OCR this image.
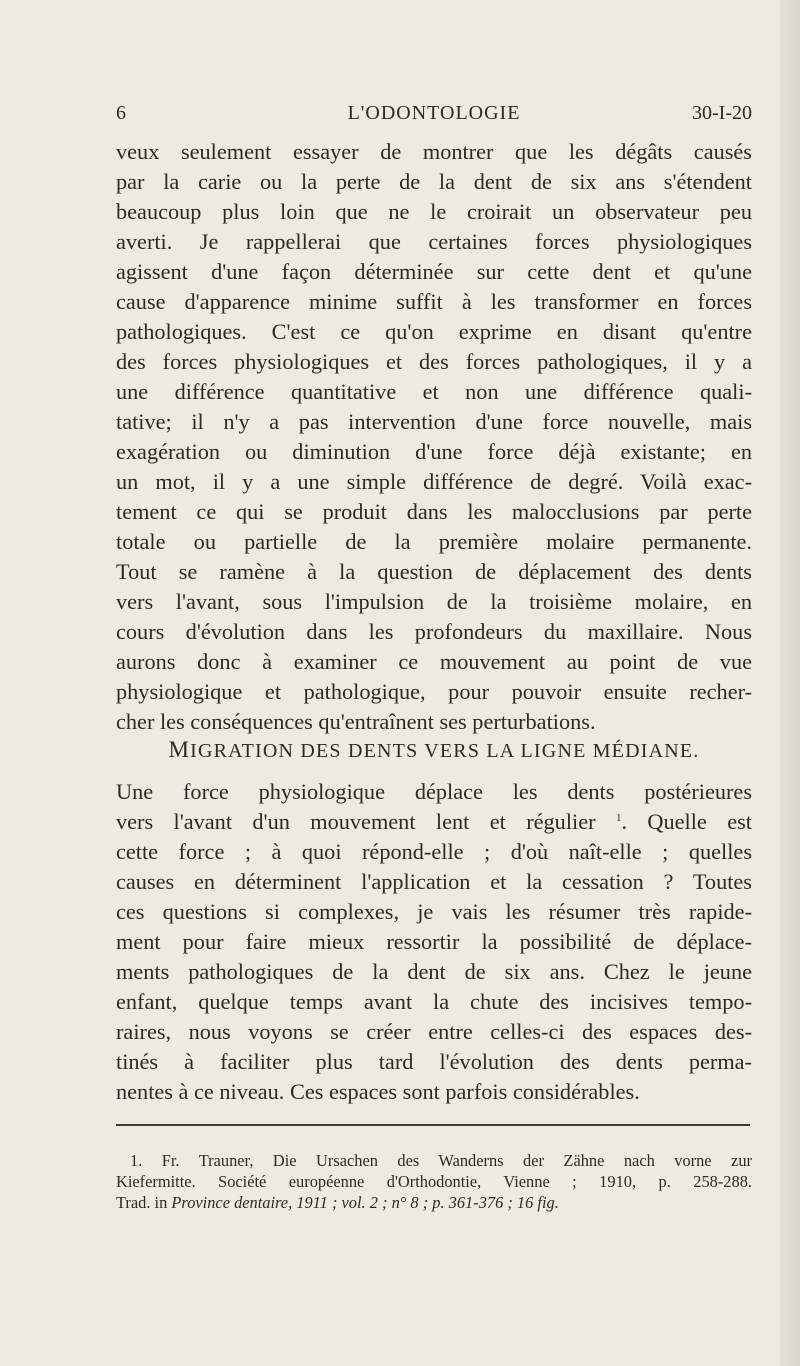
6	L'ODONTOLOGIE	30-I-20
veux seulement essayer de montrer que les dégâts causés
par la carie ou la perte de la dent de six ans s'étendent
beaucoup plus loin que ne le croirait un observateur peu
averti. Je rappellerai que certaines forces physiologiques
agissent d'une façon déterminée sur cette dent et qu'une
cause d'apparence minime suffit à les transformer en forces
pathologiques. C'est ce qu'on exprime en disant qu'entre
des forces physiologiques et des forces pathologiques, il y a
une différence quantitative et non une différence quali-
tative; il n'y a pas intervention d'une force nouvelle, mais
exagération ou diminution d'une force déjà existante; en
un mot, il y a une simple différence de degré. Voilà exac-
tement ce qui se produit dans les malocclusions par perte
totale ou partielle de la première molaire permanente.
Tout se ramène à la question de déplacement des dents
vers l'avant, sous l'impulsion de la troisième molaire, en
cours d'évolution dans les profondeurs du maxillaire. Nous
aurons donc à examiner ce mouvement au point de vue
physiologique et pathologique, pour pouvoir ensuite recher-
cher les conséquences qu'entraînent ses perturbations.
MIGRATION DES DENTS VERS LA LIGNE MÉDIANE.
Une force physiologique déplace les dents postérieures
vers l'avant d'un mouvement lent et régulier $^1$. Quelle est
cette force ; à quoi répond-elle ; d'où naît-elle ; quelles
causes en déterminent l'application et la cessation ? Toutes
ces questions si complexes, je vais les résumer très rapide-
ment pour faire mieux ressortir la possibilité de déplace-
ments pathologiques de la dent de six ans. Chez le jeune
enfant, quelque temps avant la chute des incisives tempo-
raires, nous voyons se créer entre celles-ci des espaces des-
tinés à faciliter plus tard l'évolution des dents perma-
nentes à ce niveau. Ces espaces sont parfois considérables.
1. Fr. Trauner, Die Ursachen des Wanderns der Zähne nach vorne zur
Kiefermitte. Société européenne d'Orthodontie, Vienne ; 1910, p. 258-288.
Trad. in Province dentaire, 1911 ; vol. 2 ; n° 8 ; p. 361-376 ; 16 fig.
